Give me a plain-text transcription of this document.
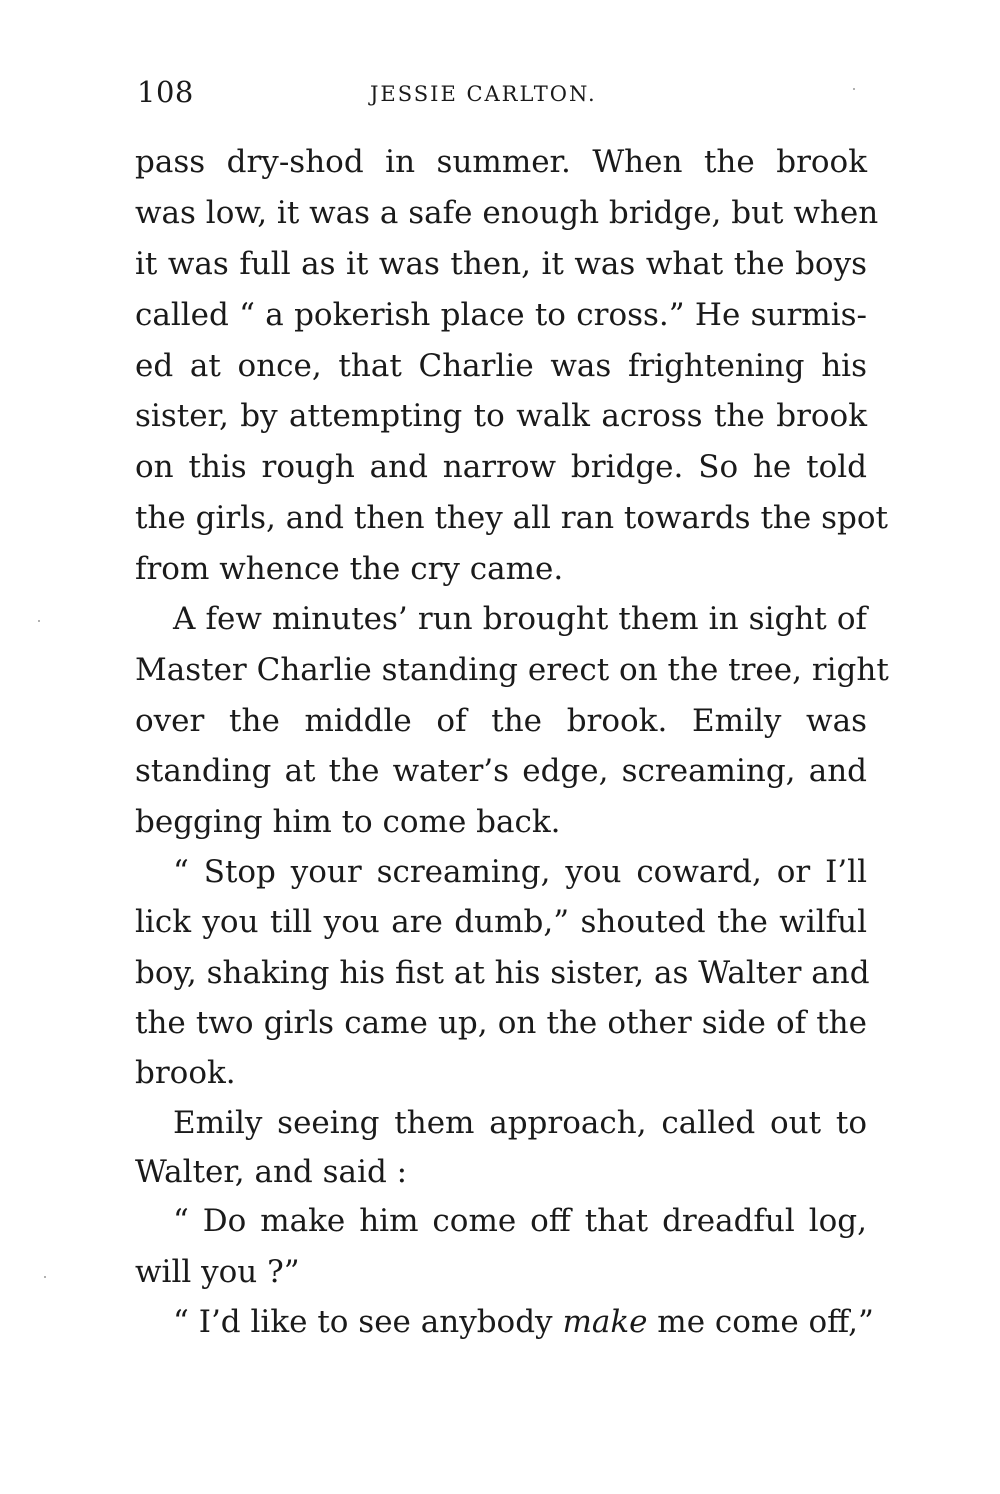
108	JESSIE CARLTON.
pass dry-shod in summer. When the brook
was low, it was a safe enough bridge, but when
it was full as it was then, it was what the boys
called “ a pokerish place to cross.” He surmis-
ed at once, that Charlie was frightening his
sister, by attempting to walk across the brook
on this rough and narrow bridge. So he told
the girls, and then they all ran towards the spot
from whence the cry came.
A few minutes’ run brought them in sight of
Master Charlie standing erect on the tree, right
over the middle of the brook. Emily was
standing at the water’s edge, screaming, and
begging him to come back.
“ Stop your screaming, you coward, or I’ll
lick you till you are dumb,” shouted the wilful
boy, shaking his fist at his sister, as Walter and
the two girls came up, on the other side of the
brook.
Emily seeing them approach, called out to
Walter, and said :
“ Do make him come off that dreadful log,
will you ?”
“ I’d like to see anybody make me come off,”
